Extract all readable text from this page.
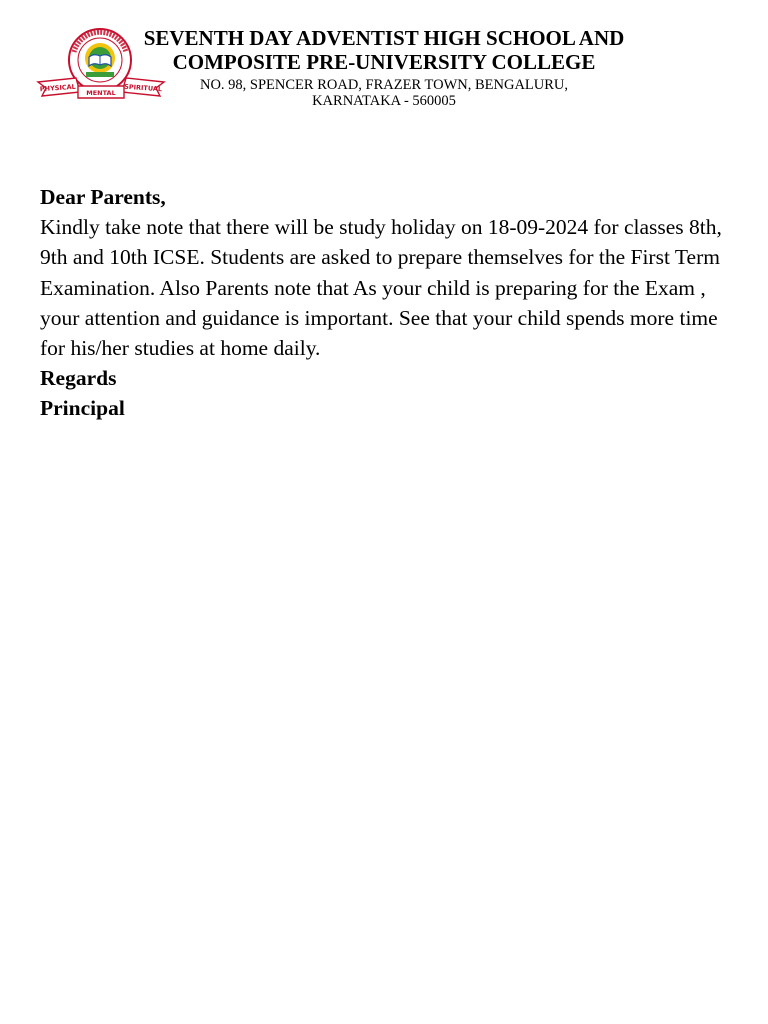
PHYSICAL MENTAL SPIRITUAL
SEVENTH DAY ADVENTIST HIGH SCHOOL AND
COMPOSITE PRE-UNIVERSITY COLLEGE
NO. 98, SPENCER ROAD, FRAZER TOWN, BENGALURU,
KARNATAKA - 560005

Dear Parents,

Kindly take note that there will be study holiday on 18-09-2024 for classes 8th, 9th and 10th ICSE. Students are asked to prepare themselves for the First Term Examination. Also Parents note that As your child is preparing for the Exam , your attention and guidance is important. See that your child spends more time for his/her studies at home daily.

Regards

Principal
